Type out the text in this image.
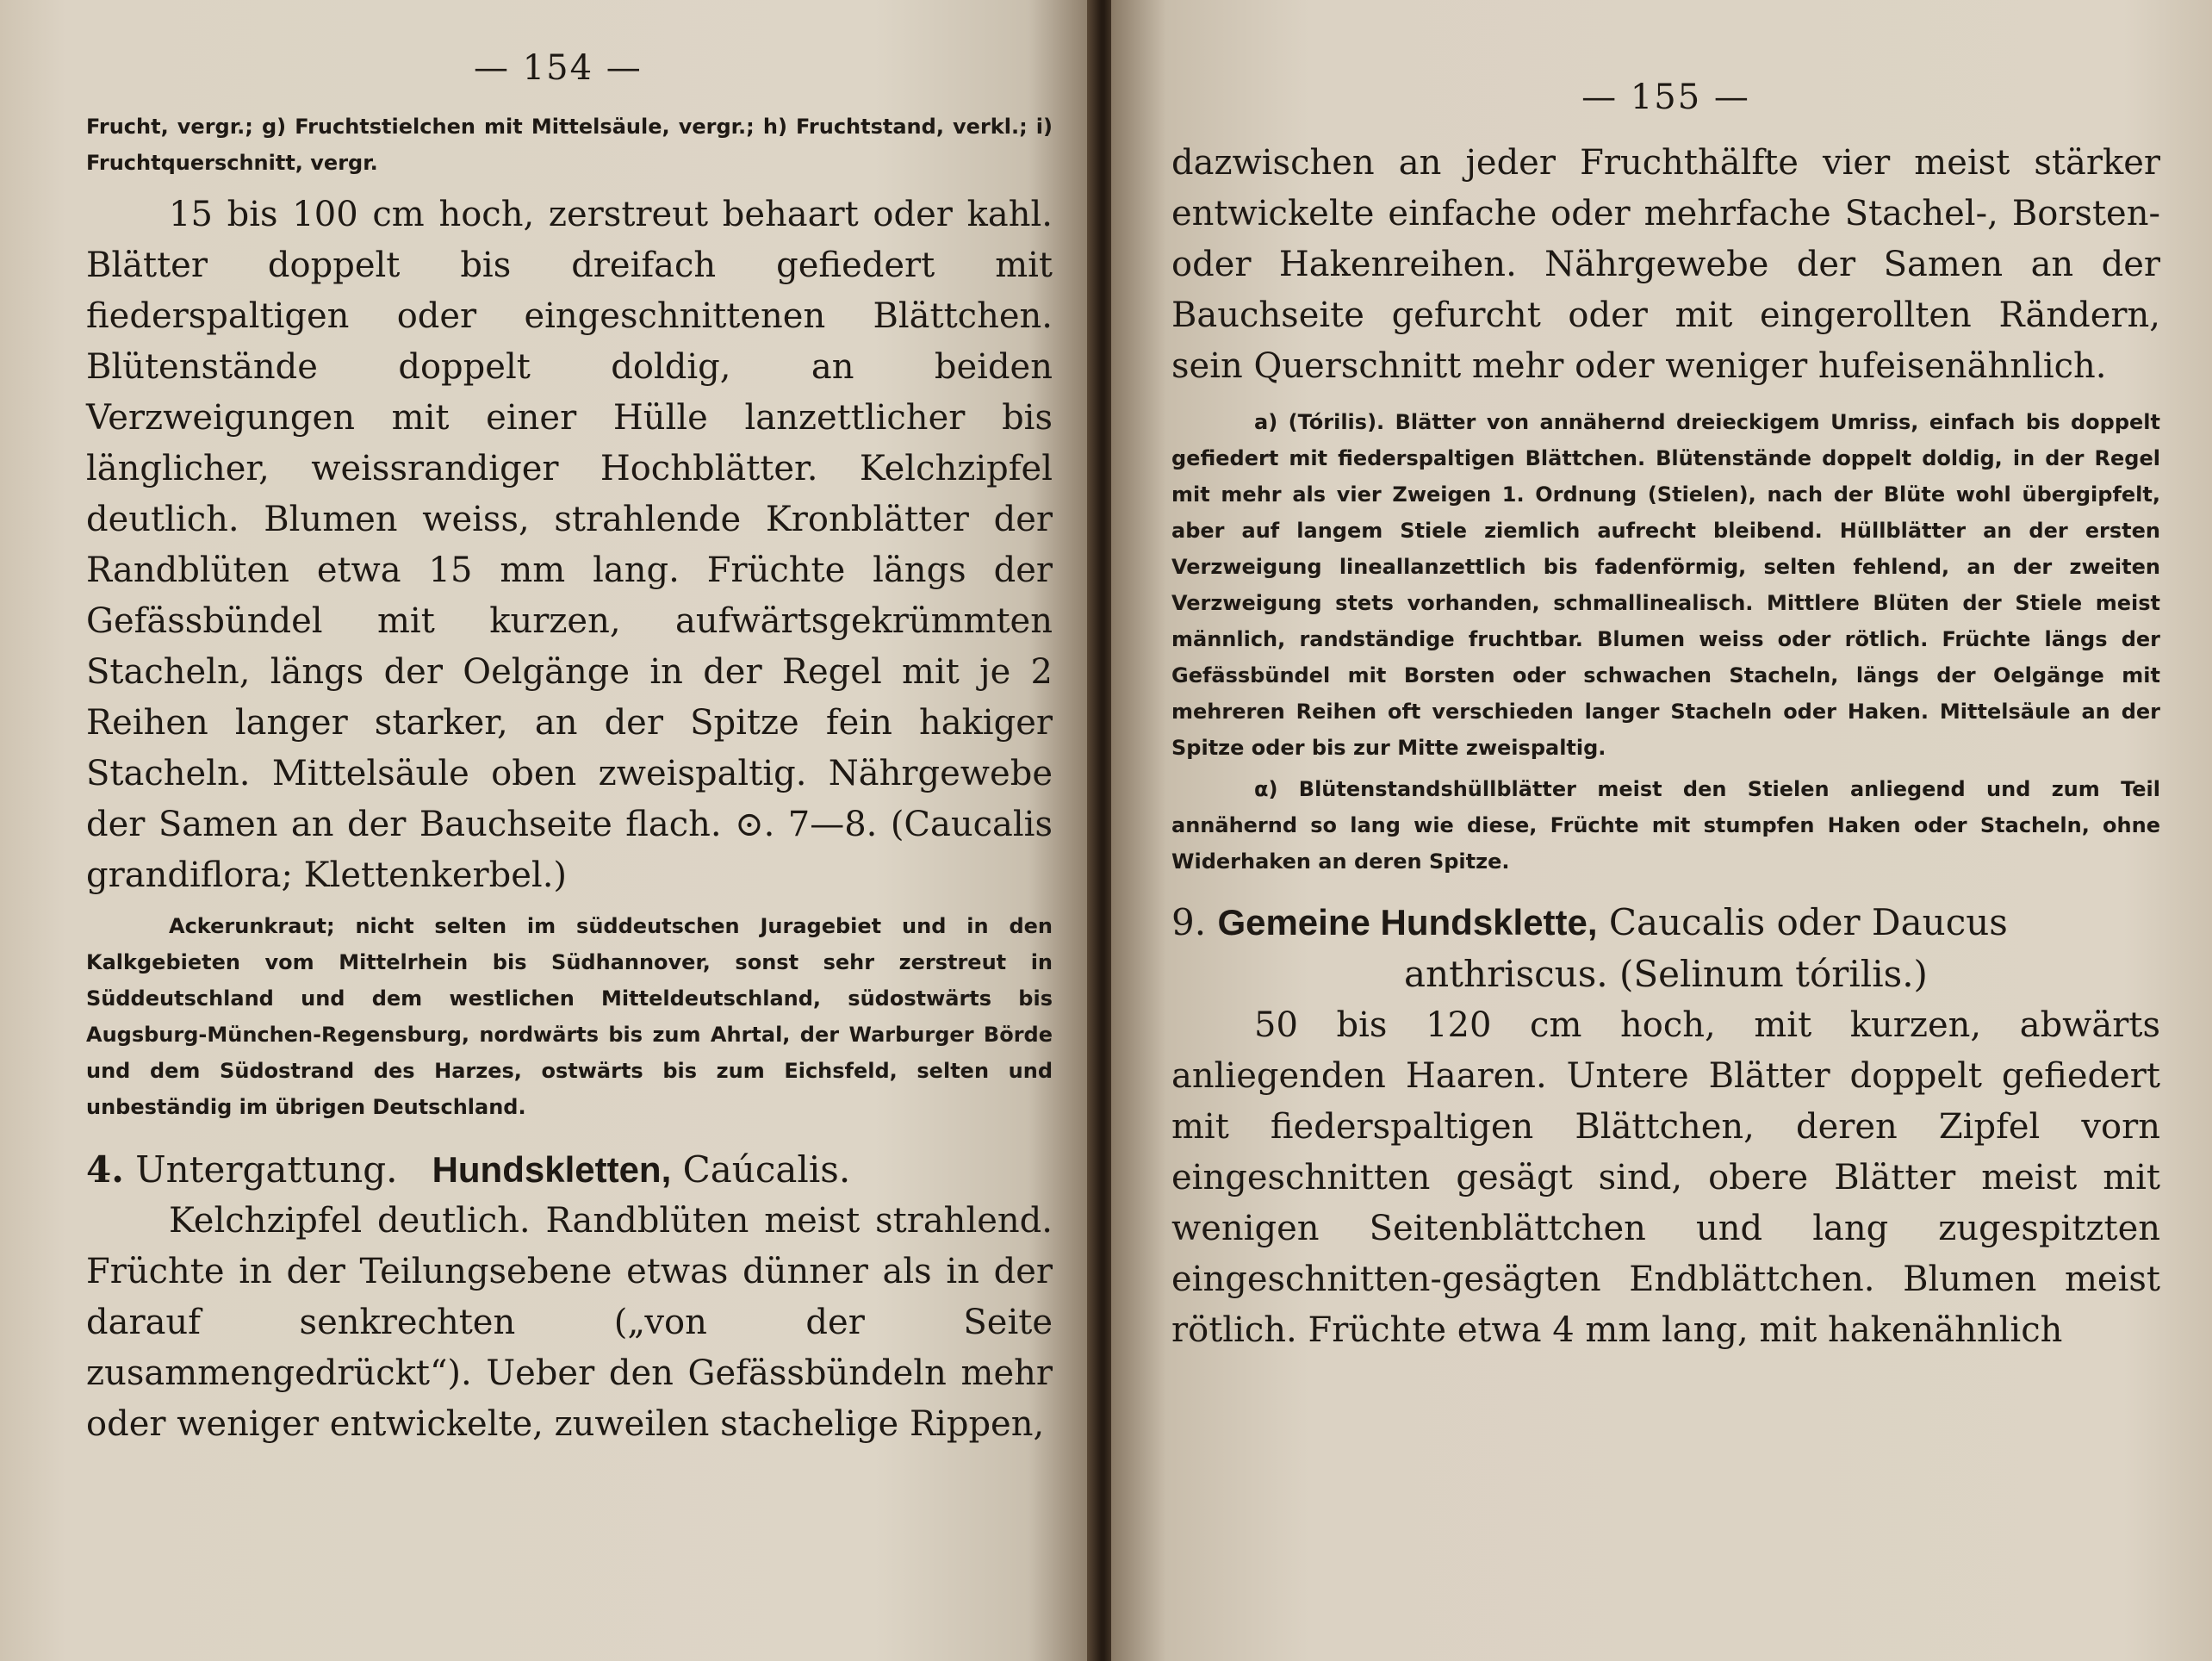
— 154 —
Frucht, vergr.; g) Fruchtstielchen mit Mittelsäule, vergr.; h) Fruchtstand, verkl.; i) Fruchtquerschnitt, vergr.
15 bis 100 cm hoch, zerstreut behaart oder kahl. Blätter doppelt bis dreifach gefiedert mit fiederspaltigen oder eingeschnittenen Blättchen. Blütenstände doppelt doldig, an beiden Verzweigungen mit einer Hülle lanzettlicher bis länglicher, weissrandiger Hochblätter. Kelchzipfel deutlich. Blumen weiss, strahlende Kronblätter der Randblüten etwa 15 mm lang. Früchte längs der Gefässbündel mit kurzen, aufwärtsgekrümmten Stacheln, längs der Oelgänge in der Regel mit je 2 Reihen langer starker, an der Spitze fein hakiger Stacheln. Mittelsäule oben zweispaltig. Nährgewebe der Samen an der Bauchseite flach. ⊙. 7—8. (Caucalis grandiflora; Klettenkerbel.)
Ackerunkraut; nicht selten im süddeutschen Juragebiet und in den Kalkgebieten vom Mittelrhein bis Südhannover, sonst sehr zerstreut in Süddeutschland und dem westlichen Mitteldeutschland, südostwärts bis Augsburg-München-Regensburg, nordwärts bis zum Ahrtal, der Warburger Börde und dem Südostrand des Harzes, ostwärts bis zum Eichsfeld, selten und unbeständig im übrigen Deutschland.
4. Untergattung. Hundskletten, Caúcalis.
Kelchzipfel deutlich. Randblüten meist strahlend. Früchte in der Teilungsebene etwas dünner als in der darauf senkrechten („von der Seite zusammengedrückt“). Ueber den Gefässbündeln mehr oder weniger entwickelte, zuweilen stachelige Rippen,
— 155 —
dazwischen an jeder Fruchthälfte vier meist stärker entwickelte einfache oder mehrfache Stachel-, Borsten- oder Hakenreihen. Nährgewebe der Samen an der Bauchseite gefurcht oder mit eingerollten Rändern, sein Querschnitt mehr oder weniger hufeisenähnlich.
a) (Tórilis). Blätter von annähernd dreieckigem Umriss, einfach bis doppelt gefiedert mit fiederspaltigen Blättchen. Blütenstände doppelt doldig, in der Regel mit mehr als vier Zweigen 1. Ordnung (Stielen), nach der Blüte wohl übergipfelt, aber auf langem Stiele ziemlich aufrecht bleibend. Hüllblätter an der ersten Verzweigung lineallanzettlich bis fadenförmig, selten fehlend, an der zweiten Verzweigung stets vorhanden, schmallinealisch. Mittlere Blüten der Stiele meist männlich, randständige fruchtbar. Blumen weiss oder rötlich. Früchte längs der Gefässbündel mit Borsten oder schwachen Stacheln, längs der Oelgänge mit mehreren Reihen oft verschieden langer Stacheln oder Haken. Mittelsäule an der Spitze oder bis zur Mitte zweispaltig.
α) Blütenstandshüllblätter meist den Stielen anliegend und zum Teil annähernd so lang wie diese, Früchte mit stumpfen Haken oder Stacheln, ohne Widerhaken an deren Spitze.
9. Gemeine Hundsklette, Caucalis oder Daucus
anthriscus. (Selinum tórilis.)
50 bis 120 cm hoch, mit kurzen, abwärts anliegenden Haaren. Untere Blätter doppelt gefiedert mit fiederspaltigen Blättchen, deren Zipfel vorn eingeschnitten gesägt sind, obere Blätter meist mit wenigen Seitenblättchen und lang zugespitzten eingeschnitten-gesägten Endblättchen. Blumen meist rötlich. Früchte etwa 4 mm lang, mit hakenähnlich
